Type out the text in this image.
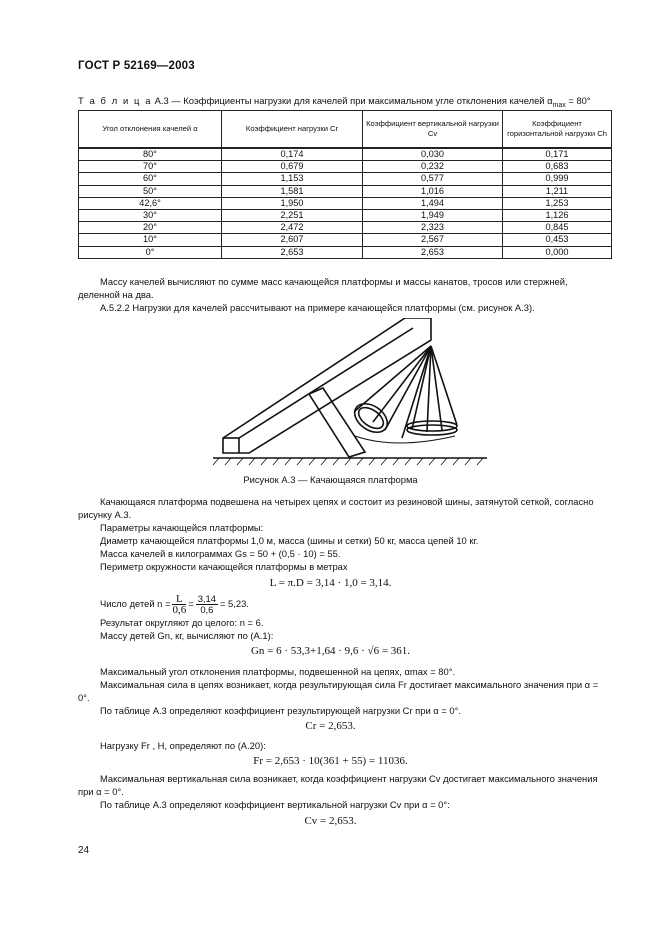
ГОСТ Р 52169—2003
Т а б л и ц а А.3 — Коэффициенты нагрузки для качелей при максимальном угле отклонения качелей $\alpha_{max} = 80^\circ$
Угол отклонения качелей α	Коэффициент нагрузки Cr	Коэффициент вертикальной нагрузки Cv	Коэффициент горизонтальной нагрузки Ch
80°	0,174	0,030	0,171
70°	0,679	0,232	0,683
60°	1,153	0,577	0,999
50°	1,581	1,016	1,211
42,6°	1,950	1,494	1,253
30°	2,251	1,949	1,126
20°	2,472	2,323	0,845
10°	2,607	2,567	0,453
0°	2,653	2,653	0,000
Массу качелей вычисляют по сумме масс качающейся платформы и массы канатов, тросов или стержней, деленной на два.
А.5.2.2 Нагрузки для качелей рассчитывают на примере качающейся платформы (см. рисунок А.3).
Рисунок А.3 — Качающаяся платформа
Качающаяся платформа подвешена на четырех цепях и состоит из резиновой шины, затянутой сеткой, согласно рисунку А.3.
Параметры качающейся платформы:
Диаметр качающейся платформы 1,0 м, масса (шины и сетки) 50 кг, масса цепей 10 кг.
Масса качелей в килограммах Gs = 50 + (0,5 · 10) = 55.
Периметр окружности качающейся платформы в метрах
L = π.D = 3,14 · 1,0 = 3,14.
Число детей $n = \frac{L}{0,6} = \frac{3,14}{0,6} = 5,23$.
Результат округляют до целого: n = 6.
Массу детей Gn, кг, вычисляют по (А.1):
Gn = 6 · 53,3+1,64 · 9,6 · √6 = 361.
Максимальный угол отклонения платформы, подвешенной на цепях, αmax = 80°.
Максимальная сила в цепях возникает, когда результирующая сила Fr достигает максимального значения при α = 0°.
По таблице А.3 определяют коэффициент результирующей нагрузки Cr при α = 0°.
Cr = 2,653.
Нагрузку Fr , Н, определяют по (А.20):
Fr = 2,653 · 10(361 + 55) = 11036.
Максимальная вертикальная сила возникает, когда коэффициент нагрузки Cv достигает максимального значения при α = 0°.
По таблице А.3 определяют коэффициент вертикальной нагрузки Cv при α = 0°:
Cv = 2,653.
24
